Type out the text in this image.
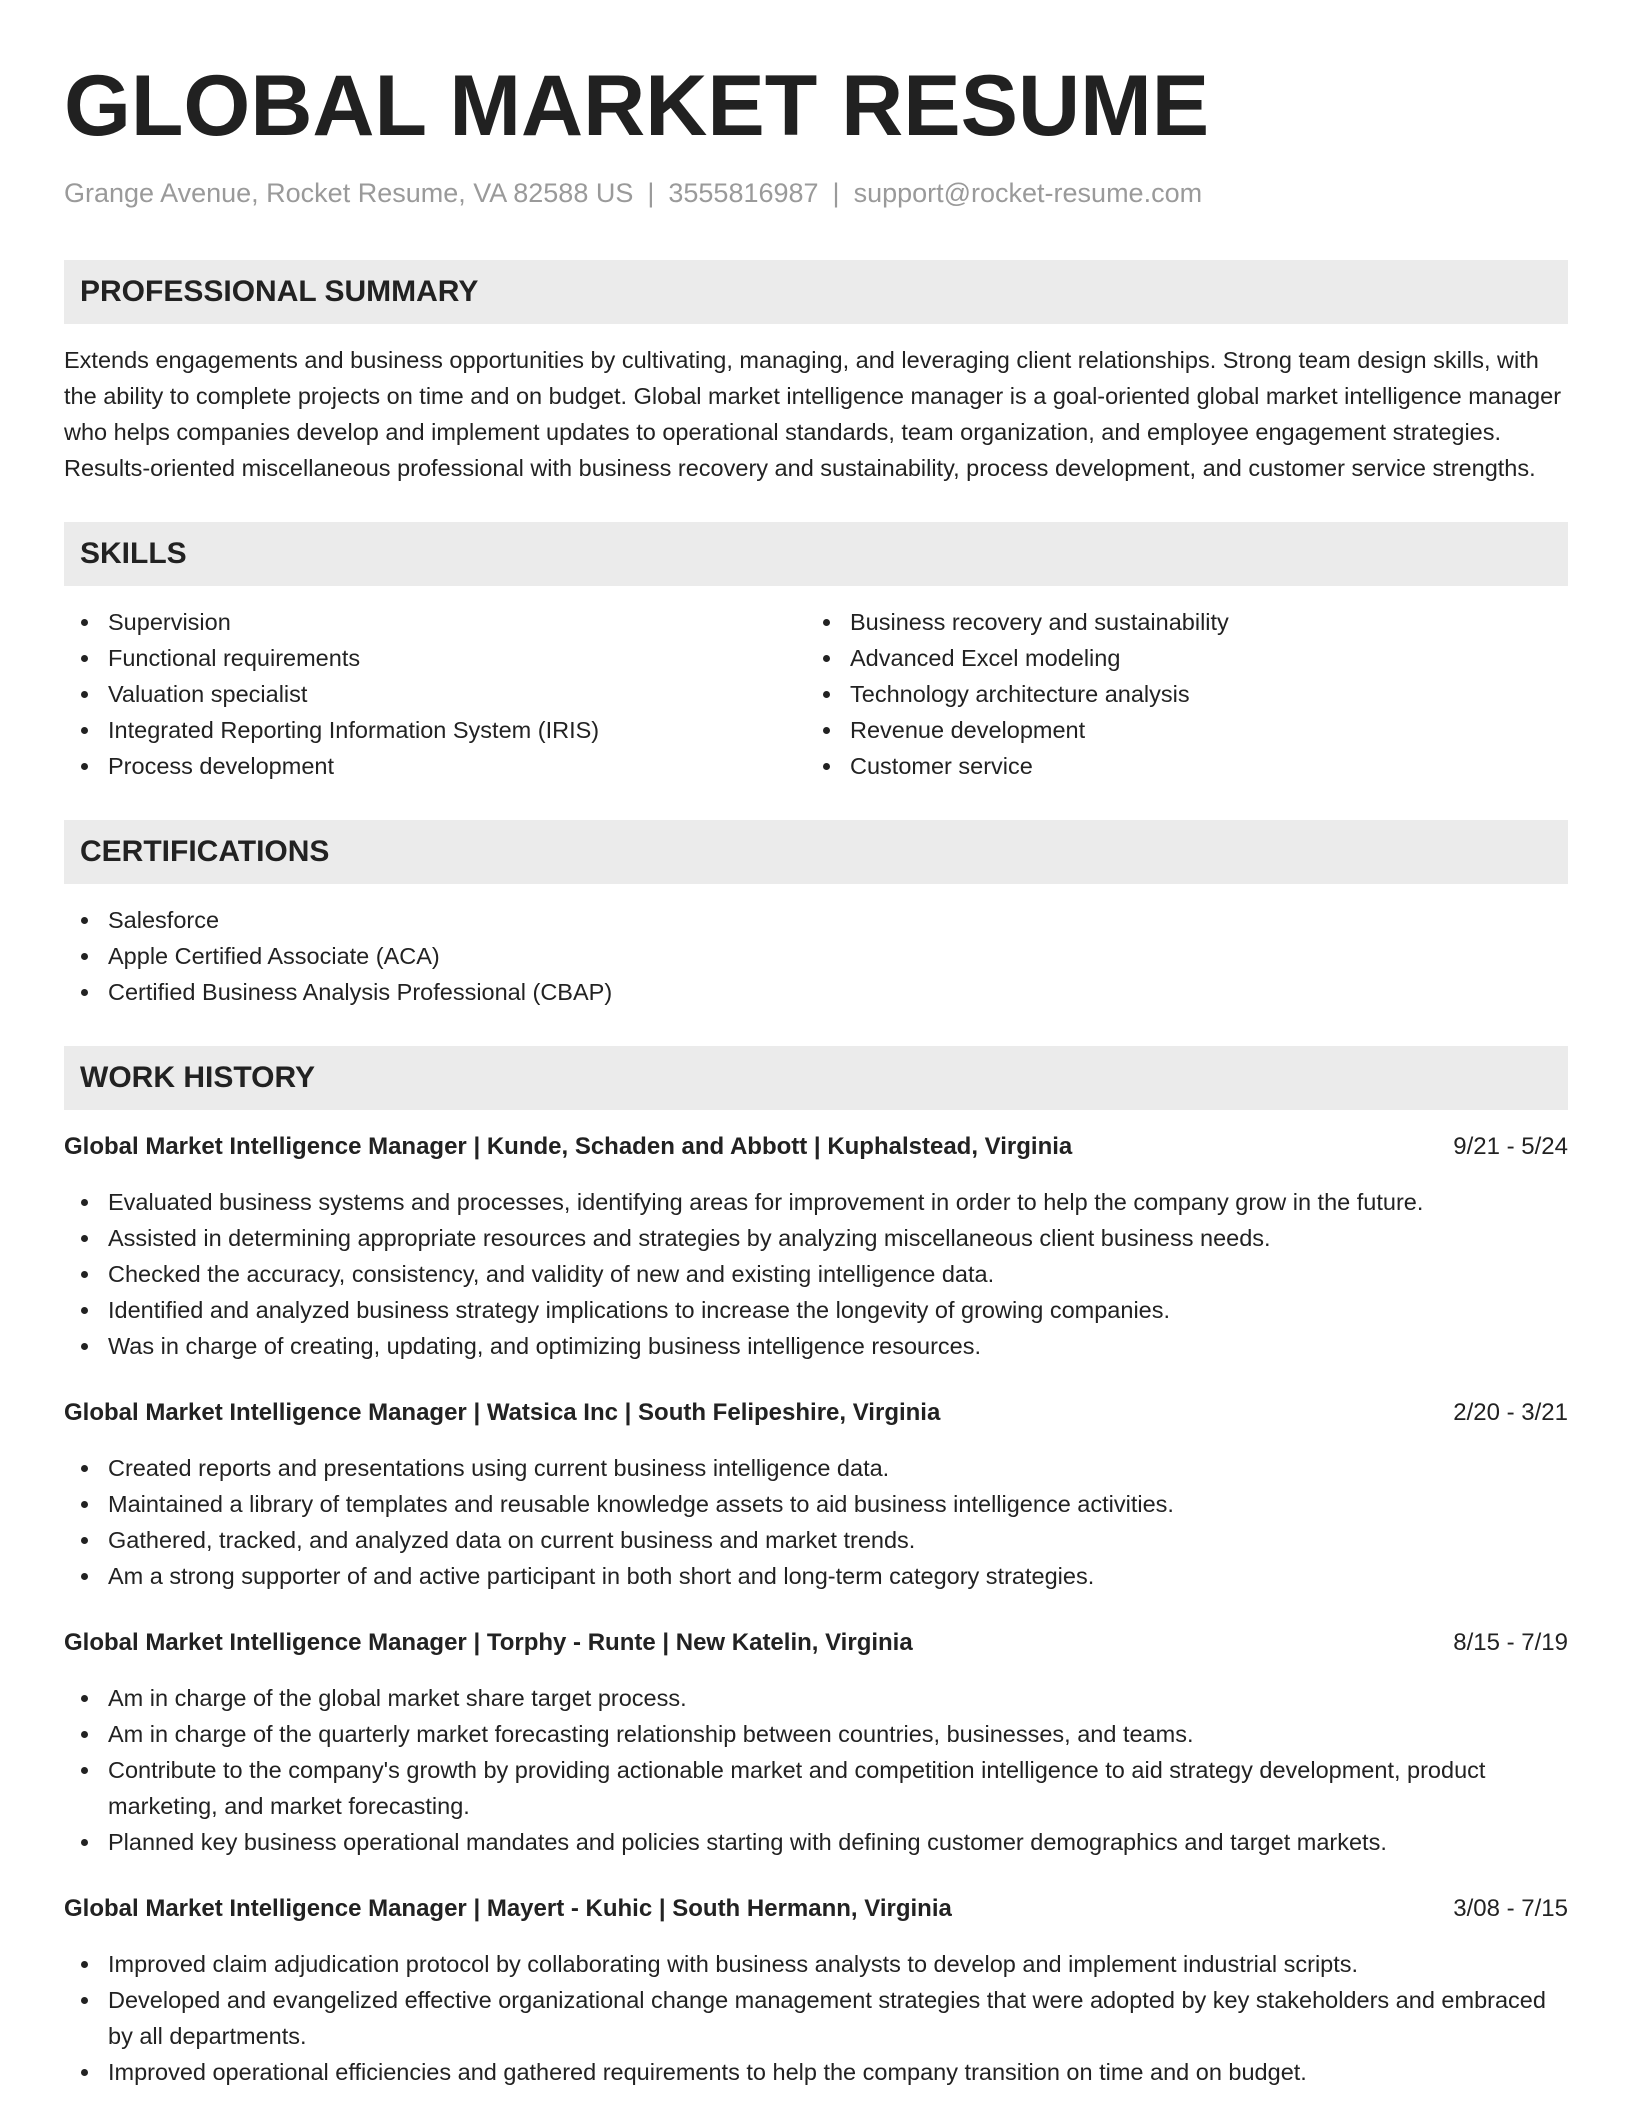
GLOBAL MARKET RESUME
Grange Avenue, Rocket Resume, VA 82588 US | 3555816987 | support@rocket-resume.com
PROFESSIONAL SUMMARY

Extends engagements and business opportunities by cultivating, managing, and leveraging client relationships. Strong team design skills, with the ability to complete projects on time and on budget. Global market intelligence manager is a goal-oriented global market intelligence manager who helps companies develop and implement updates to operational standards, team organization, and employee engagement strategies. Results-oriented miscellaneous professional with business recovery and sustainability, process development, and customer service strengths.

SKILLS
Supervision
Functional requirements
Valuation specialist
Integrated Reporting Information System (IRIS)
Process development
Business recovery and sustainability
Advanced Excel modeling
Technology architecture analysis
Revenue development
Customer service
CERTIFICATIONS
Salesforce
Apple Certified Associate (ACA)
Certified Business Analysis Professional (CBAP)
WORK HISTORY
Global Market Intelligence Manager | Kunde, Schaden and Abbott | Kuphalstead, Virginia	9/21 - 5/24
Evaluated business systems and processes, identifying areas for improvement in order to help the company grow in the future.
Assisted in determining appropriate resources and strategies by analyzing miscellaneous client business needs.
Checked the accuracy, consistency, and validity of new and existing intelligence data.
Identified and analyzed business strategy implications to increase the longevity of growing companies.
Was in charge of creating, updating, and optimizing business intelligence resources.
Global Market Intelligence Manager | Watsica Inc | South Felipeshire, Virginia	2/20 - 3/21
Created reports and presentations using current business intelligence data.
Maintained a library of templates and reusable knowledge assets to aid business intelligence activities.
Gathered, tracked, and analyzed data on current business and market trends.
Am a strong supporter of and active participant in both short and long-term category strategies.
Global Market Intelligence Manager | Torphy - Runte | New Katelin, Virginia	8/15 - 7/19
Am in charge of the global market share target process.
Am in charge of the quarterly market forecasting relationship between countries, businesses, and teams.
Contribute to the company's growth by providing actionable market and competition intelligence to aid strategy development, product marketing, and market forecasting.
Planned key business operational mandates and policies starting with defining customer demographics and target markets.
Global Market Intelligence Manager | Mayert - Kuhic | South Hermann, Virginia	3/08 - 7/15
Improved claim adjudication protocol by collaborating with business analysts to develop and implement industrial scripts.
Developed and evangelized effective organizational change management strategies that were adopted by key stakeholders and embraced by all departments.
Improved operational efficiencies and gathered requirements to help the company transition on time and on budget.
